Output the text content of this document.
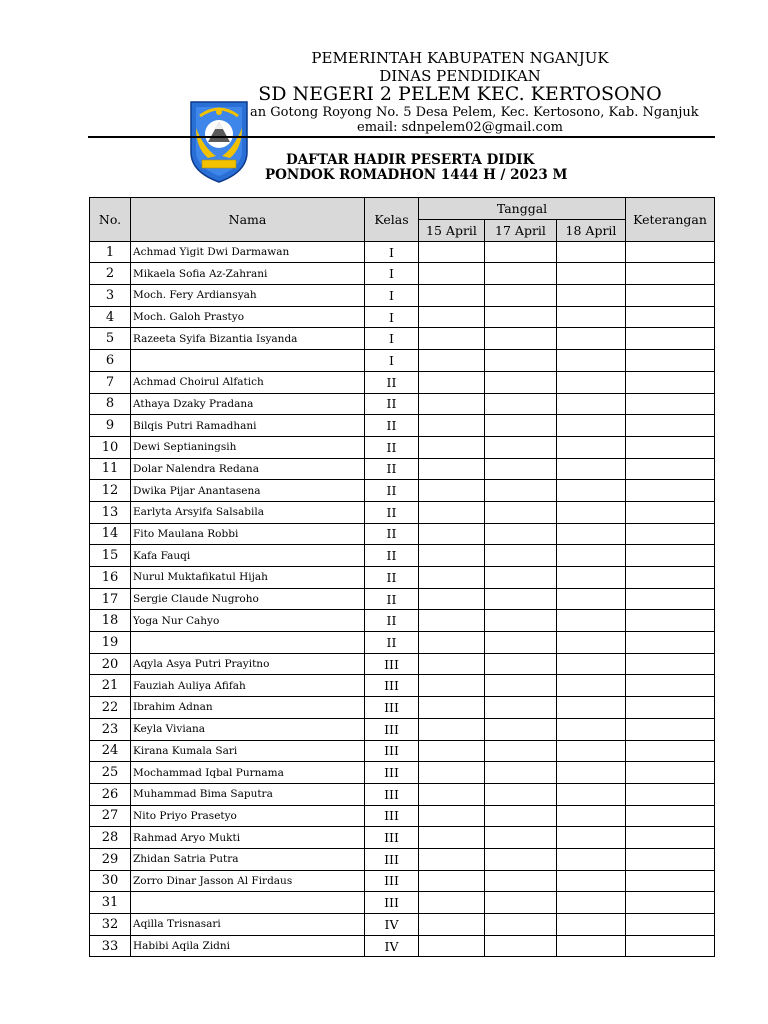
PEMERINTAH KABUPATEN NGANJUK
DINAS PENDIDIKAN
SD NEGERI 2 PELEM KEC. KERTOSONO
an Gotong Royong No. 5 Desa Pelem, Kec. Kertosono, Kab. Nganjuk
email: sdnpelem02@gmail.com
DAFTAR HADIR PESERTA DIDIK
PONDOK ROMADHON 1444 H / 2023 M
No.	Nama	Kelas	Tanggal			Keterangan
			15 April	17 April	18 April	
1	Achmad Yigit Dwi Darmawan	I				
2	Mikaela Sofia Az-Zahrani	I				
3	Moch. Fery Ardiansyah	I				
4	Moch. Galoh Prastyo	I				
5	Razeeta Syifa Bizantia Isyanda	I				
6		I				
7	Achmad Choirul Alfatich	II				
8	Athaya Dzaky Pradana	II				
9	Bilqis Putri Ramadhani	II				
10	Dewi Septianingsih	II				
11	Dolar Nalendra Redana	II				
12	Dwika Pijar Anantasena	II				
13	Earlyta Arsyifa Salsabila	II				
14	Fito Maulana Robbi	II				
15	Kafa Fauqi	II				
16	Nurul Muktafikatul Hijah	II				
17	Sergie Claude Nugroho	II				
18	Yoga Nur Cahyo	II				
19		II				
20	Aqyla Asya Putri Prayitno	III				
21	Fauziah Auliya Afifah	III				
22	Ibrahim Adnan	III				
23	Keyla Viviana	III				
24	Kirana Kumala Sari	III				
25	Mochammad Iqbal Purnama	III				
26	Muhammad Bima Saputra	III				
27	Nito Priyo Prasetyo	III				
28	Rahmad Aryo Mukti	III				
29	Zhidan Satria Putra	III				
30	Zorro Dinar Jasson Al Firdaus	III				
31		III				
32	Aqilla Trisnasari	IV				
33	Habibi Aqila Zidni	IV				
